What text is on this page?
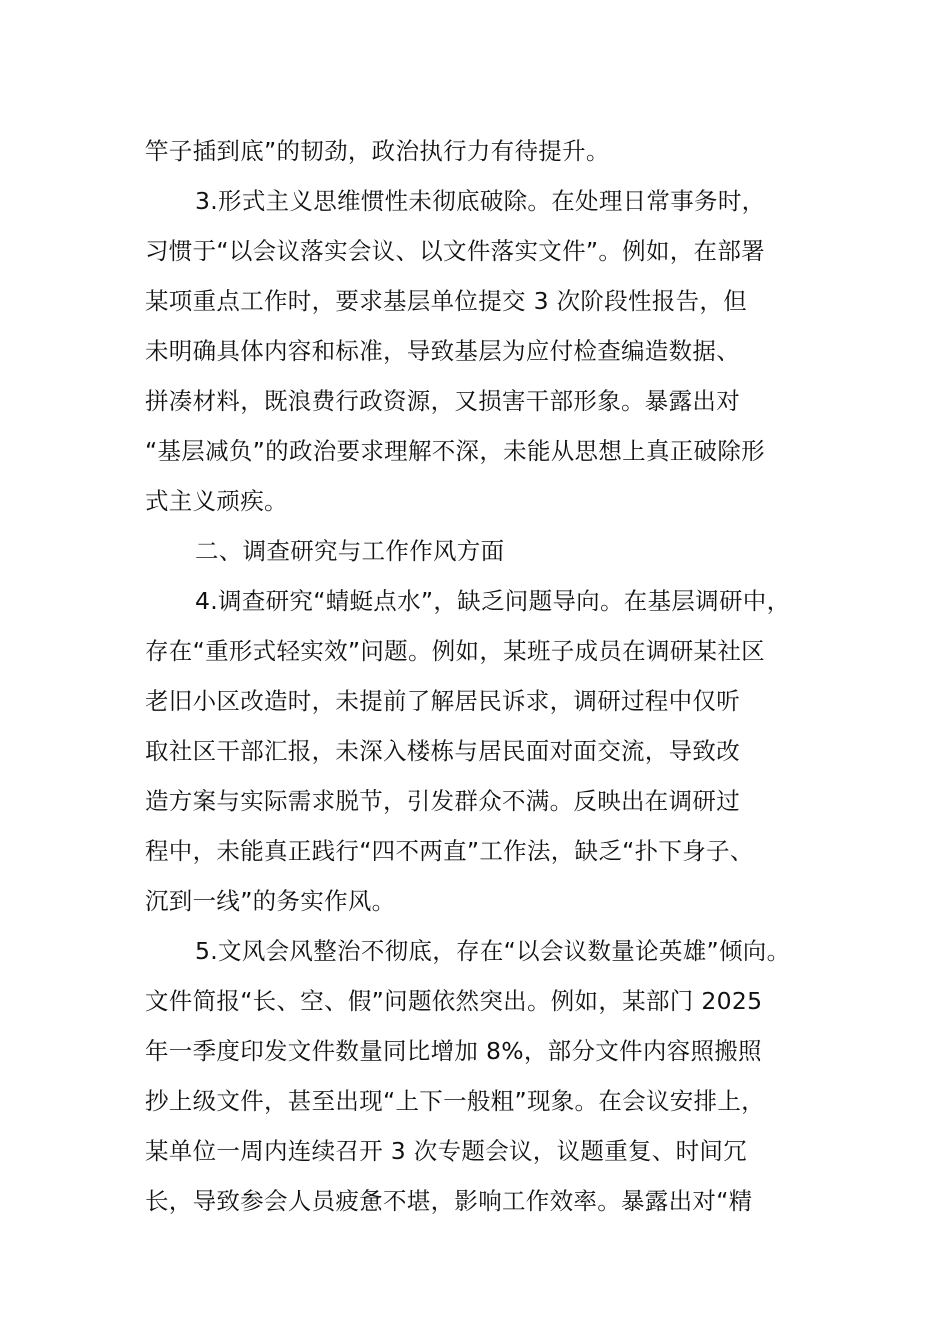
竿子插到底”的韧劲，政治执行力有待提升。
3.形式主义思维惯性未彻底破除。在处理日常事务时，
习惯于“以会议落实会议、以文件落实文件”。例如，在部署
某项重点工作时，要求基层单位提交 3 次阶段性报告，但
未明确具体内容和标准，导致基层为应付检查编造数据、
拼凑材料，既浪费行政资源，又损害干部形象。暴露出对
“基层减负”的政治要求理解不深，未能从思想上真正破除形
式主义顽疾。
二、调查研究与工作作风方面
4.调查研究“蜻蜓点水”，缺乏问题导向。在基层调研中，
存在“重形式轻实效”问题。例如，某班子成员在调研某社区
老旧小区改造时，未提前了解居民诉求，调研过程中仅听
取社区干部汇报，未深入楼栋与居民面对面交流，导致改
造方案与实际需求脱节，引发群众不满。反映出在调研过
程中，未能真正践行“四不两直”工作法，缺乏“扑下身子、
沉到一线”的务实作风。
5.文风会风整治不彻底，存在“以会议数量论英雄”倾向。
文件简报“长、空、假”问题依然突出。例如，某部门 2025
年一季度印发文件数量同比增加 8%，部分文件内容照搬照
抄上级文件，甚至出现“上下一般粗”现象。在会议安排上，
某单位一周内连续召开 3 次专题会议，议题重复、时间冗
长，导致参会人员疲惫不堪，影响工作效率。暴露出对“精
